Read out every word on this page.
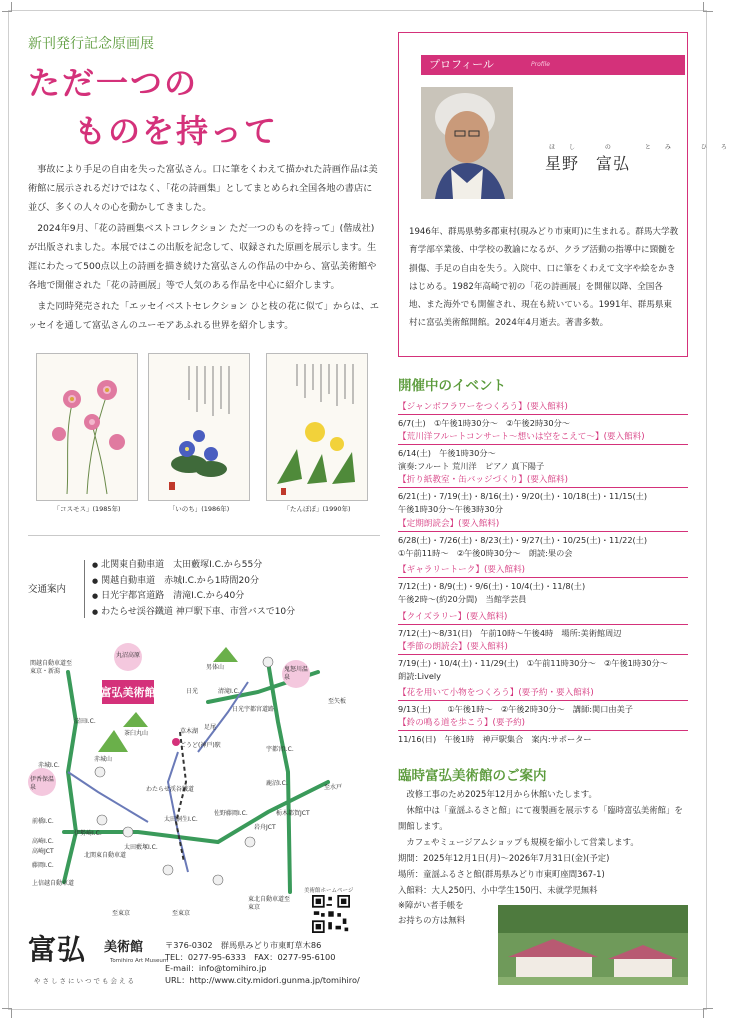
新刊発行記念原画展
ただ一つの
ものを持って

事故により手足の自由を失った富弘さん。口に筆をくわえて描かれた詩画作品は美術館に展示されるだけではなく、「花の詩画集」としてまとめられ全国各地の書店に並び、多くの人々の心を動かしてきました。

2024年9月、「花の詩画集ベストコレクション ただ一つのものを持って」(偕成社)が出版されました。本展ではこの出版を記念して、収録された原画を展示します。生涯にわたって500点以上の詩画を描き続けた富弘さんの作品の中から、富弘美術館や各地で開催された「花の詩画展」等で人気のある作品を中心に紹介します。

また同時発売された「エッセイベストセレクション ひと枝の花に似て」からは、エッセイを通して富弘さんのユーモアあふれる世界を紹介します。

「コスモス」(1985年)	「いのち」(1986年)	「たんぽぽ」(1990年)
交通案内
● 北関東自動車道　太田藪塚I.C.から55分
● 関越自動車道　赤城I.C.から1時間20分
● 日光宇都宮道路　清滝I.C.から40分
● わたらせ渓谷鐵道 神戸駅下車、市営バスで10分
富弘美術館
丸沼高原
鬼怒川温泉
男体山
関越自動車道至東京・新潟
沼田I.C.
赤城山
茶臼丸山
赤城I.C.
伊香保温泉
前橋I.C.
高崎I.C.
高崎JCT
藤岡I.C.
上信越自動車道
北関東自動車道
太田藪塚I.C.
太田桐生I.C.
伊勢崎I.C.
佐野藤岡I.C.
岩舟JCT
栃木都賀JCT
鹿沼I.C.
宇都宮I.C.
日光	清滝I.C.
日光宇都宮道路
ごうど(神戸)駅
わたらせ渓谷鐵道
草木湖
至東京	至東京
至水戸
至矢板
東北自動車道至東京
足尾
美術館ホームページ
富弘 美術館
Tomihiro Art Museum
やさしさにいつでも会える
〒376-0302　群馬県みどり市東町草木86
TEL：0277-95-6333　FAX：0277-95-6100
E-mail：info@tomihiro.jp
URL：http://www.city.midori.gunma.jp/tomihiro/
プロフィール	Profile
ほし の　とみ ひろ
星野　富弘
1946年、群馬県勢多郡東村(現みどり市東町)に生まれる。群馬大学教育学部卒業後、中学校の教諭になるが、クラブ活動の指導中に頸髄を損傷、手足の自由を失う。入院中、口に筆をくわえて文字や絵をかきはじめる。1982年高崎で初の「花の詩画展」を開催以降、全国各地、また海外でも開催され、現在も続いている。1991年、群馬県東村に富弘美術館開館。2024年4月逝去。著書多数。
開催中のイベント
【ジャンボフラワーをつくろう】(要入館料)
6/7(土)　①午後1時30分～　②午後2時30分～
【荒川洋フルートコンサート～想いは空をこえて～】(要入館料)
6/14(土)　午後1時30分～
演奏:フルート 荒川洋　ピアノ 真下陽子
【折り紙教室・缶バッジづくり】(要入館料)
6/21(土)・7/19(土)・8/16(土)・9/20(土)・10/18(土)・11/15(土)
午後1時30分～午後3時30分
【定期朗読会】(要入館料)
6/28(土)・7/26(土)・8/23(土)・9/27(土)・10/25(土)・11/22(土)
①午前11時～　②午後0時30分～　朗読:果の会
【ギャラリートーク】(要入館料)
7/12(土)・8/9(土)・9/6(土)・10/4(土)・11/8(土)
午後2時～(約20分間)　当館学芸員
【クイズラリー】(要入館料)
7/12(土)～8/31(日)　午前10時～午後4時　場所:美術館周辺
【季節の朗読会】(要入館料)
7/19(土)・10/4(土)・11/29(土)　①午前11時30分～　②午後1時30分～
朗読:Lively
【花を用いて小物をつくろう】(要予約・要入館料)
9/13(土)　　①午後1時～　②午後2時30分～　講師:関口由美子
【鈴の鳴る道を歩こう】(要予約)
11/16(日)　午後1時　神戸駅集合　案内:サポーター
臨時富弘美術館のご案内

改修工事のため2025年12月から休館いたします。

休館中は「童謡ふるさと館」にて複製画を展示する「臨時富弘美術館」を開館します。

カフェやミュージアムショップも規模を縮小して営業します。

期間：2025年12月1日(月)～2026年7月31日(金)(予定)

場所：童謡ふるさと館(群馬県みどり市東町座間367-1)

入館料：大人250円、小中学生150円、未就学児無料

※障がい者手帳を
お持ちの方は無料
